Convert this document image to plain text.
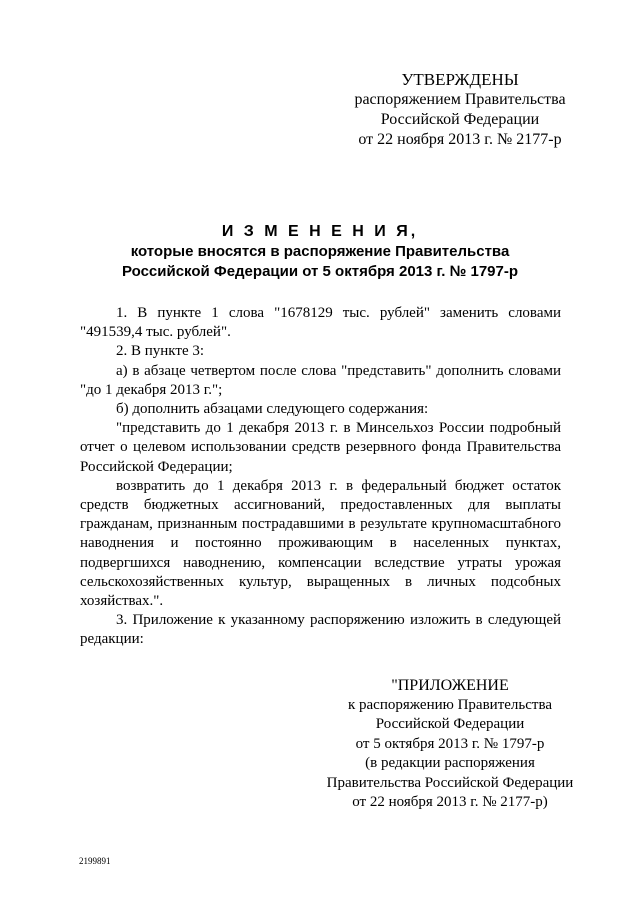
УТВЕРЖДЕНЫ
распоряжением Правительства
Российской Федерации
от 22 ноября 2013 г. № 2177-р
И З М Е Н Е Н И Я,
которые вносятся в распоряжение Правительства
Российской Федерации от 5 октября 2013 г. № 1797-р

1. В пункте 1 слова "1678129 тыс. рублей" заменить словами "491539,4 тыс. рублей".

2. В пункте 3:

а) в абзаце четвертом после слова "представить" дополнить словами "до 1 декабря 2013 г.";

б) дополнить абзацами следующего содержания:

"представить до 1 декабря 2013 г. в Минсельхоз России подробный отчет о целевом использовании средств резервного фонда Правительства Российской Федерации;

возвратить до 1 декабря 2013 г. в федеральный бюджет остаток средств бюджетных ассигнований, предоставленных для выплаты гражданам, признанным пострадавшими в результате крупномасштабного наводнения и постоянно проживающим в населенных пунктах, подвергшихся наводнению, компенсации вследствие утраты урожая сельскохозяйственных культур, выращенных в личных подсобных хозяйствах.".

3. Приложение к указанному распоряжению изложить в следующей редакции:

"ПРИЛОЖЕНИЕ
к распоряжению Правительства
Российской Федерации
от 5 октября 2013 г. № 1797-р
(в редакции распоряжения
Правительства Российской Федерации
от 22 ноября 2013 г. № 2177-р)
2199891
